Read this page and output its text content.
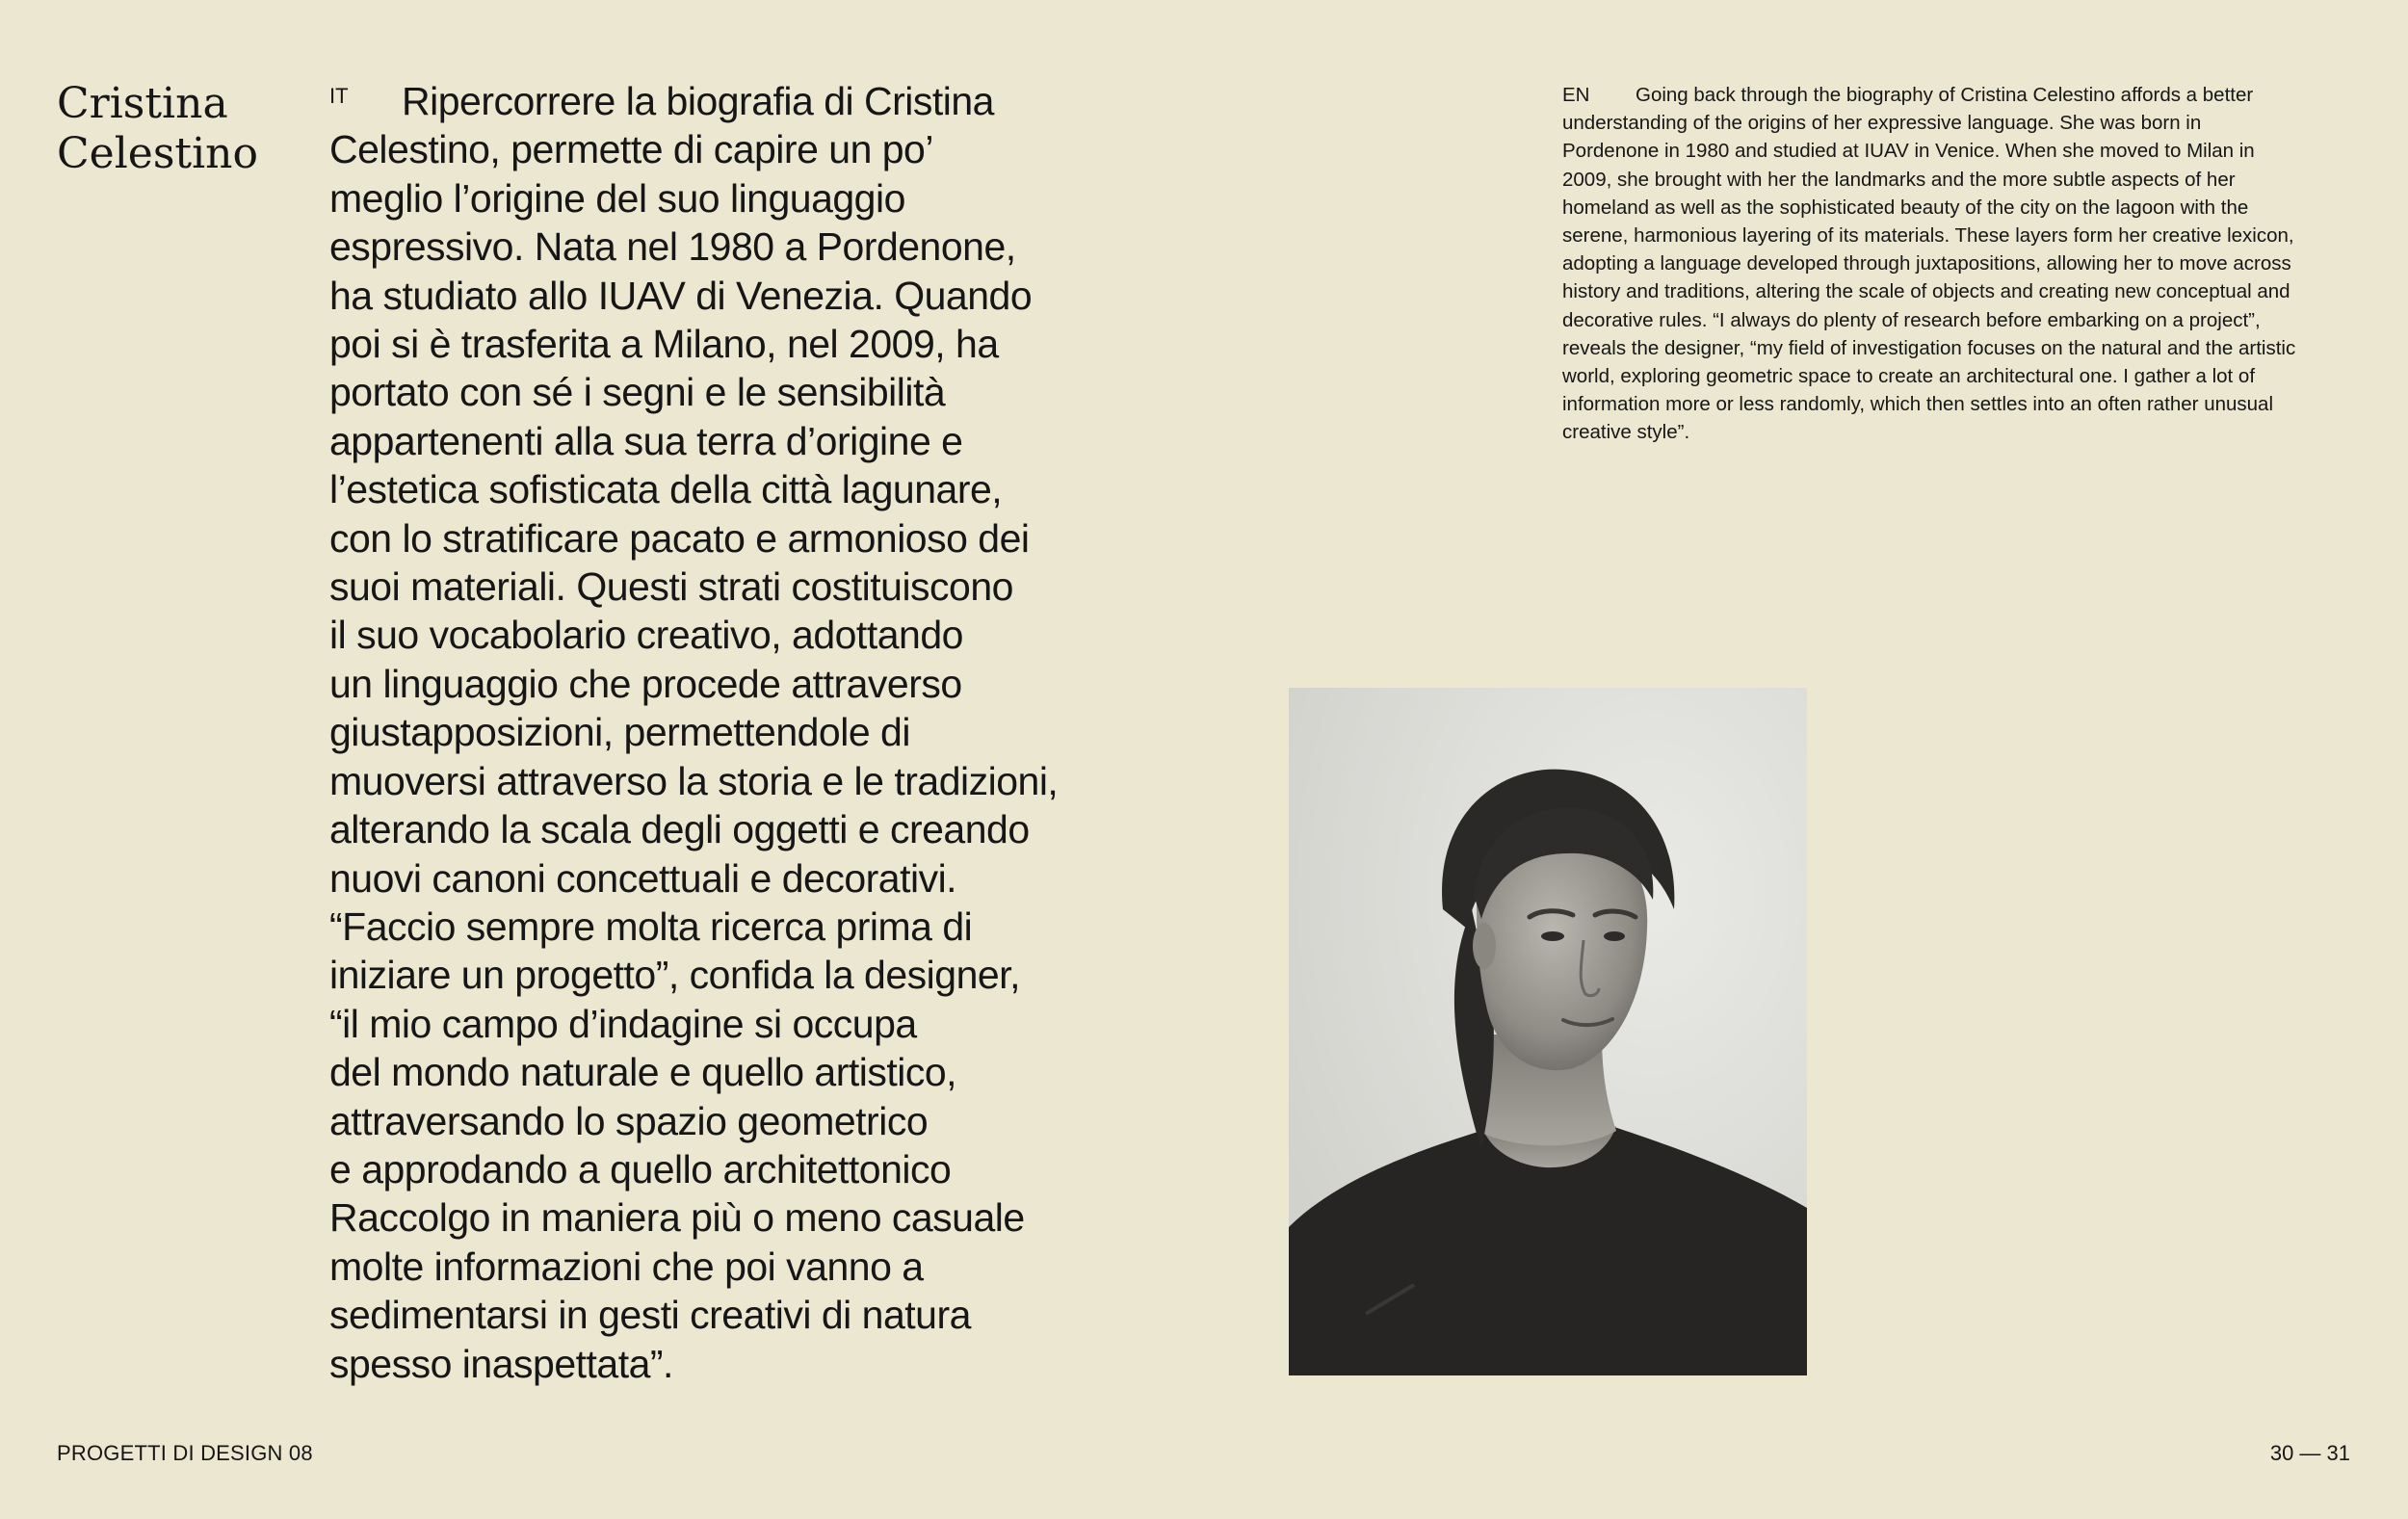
Cristina
Celestino
IT Ripercorrere la biografia di Cristina
Celestino, permette di capire un po’
meglio l’origine del suo linguaggio
espressivo. Nata nel 1980 a Pordenone,
ha studiato allo IUAV di Venezia. Quando
poi si è trasferita a Milano, nel 2009, ha
portato con sé i segni e le sensibilità
appartenenti alla sua terra d’origine e
l’estetica sofisticata della città lagunare,
con lo stratificare pacato e armonioso dei
suoi materiali. Questi strati costituiscono
il suo vocabolario creativo, adottando
un linguaggio che procede attraverso
giustapposizioni, permettendole di
muoversi attraverso la storia e le tradizioni,
alterando la scala degli oggetti e creando
nuovi canoni concettuali e decorativi.
“Faccio sempre molta ricerca prima di
iniziare un progetto”, confida la designer,
“il mio campo d’indagine si occupa
del mondo naturale e quello artistico,
attraversando lo spazio geometrico
e approdando a quello architettonico
Raccolgo in maniera più o meno casuale
molte informazioni che poi vanno a
sedimentarsi in gesti creativi di natura
spesso inaspettata”.
EN Going back through the biography of Cristina Celestino affords a better
understanding of the origins of her expressive language. She was born in
Pordenone in 1980 and studied at IUAV in Venice. When she moved to Milan in
2009, she brought with her the landmarks and the more subtle aspects of her
homeland as well as the sophisticated beauty of the city on the lagoon with the
serene, harmonious layering of its materials. These layers form her creative lexicon,
adopting a language developed through juxtapositions, allowing her to move across
history and traditions, altering the scale of objects and creating new conceptual and
decorative rules. “I always do plenty of research before embarking on a project”,
reveals the designer, “my field of investigation focuses on the natural and the artistic
world, exploring geometric space to create an architectural one. I gather a lot of
information more or less randomly, which then settles into an often rather unusual
creative style”.
PROGETTI DI DESIGN 08	30 — 31
